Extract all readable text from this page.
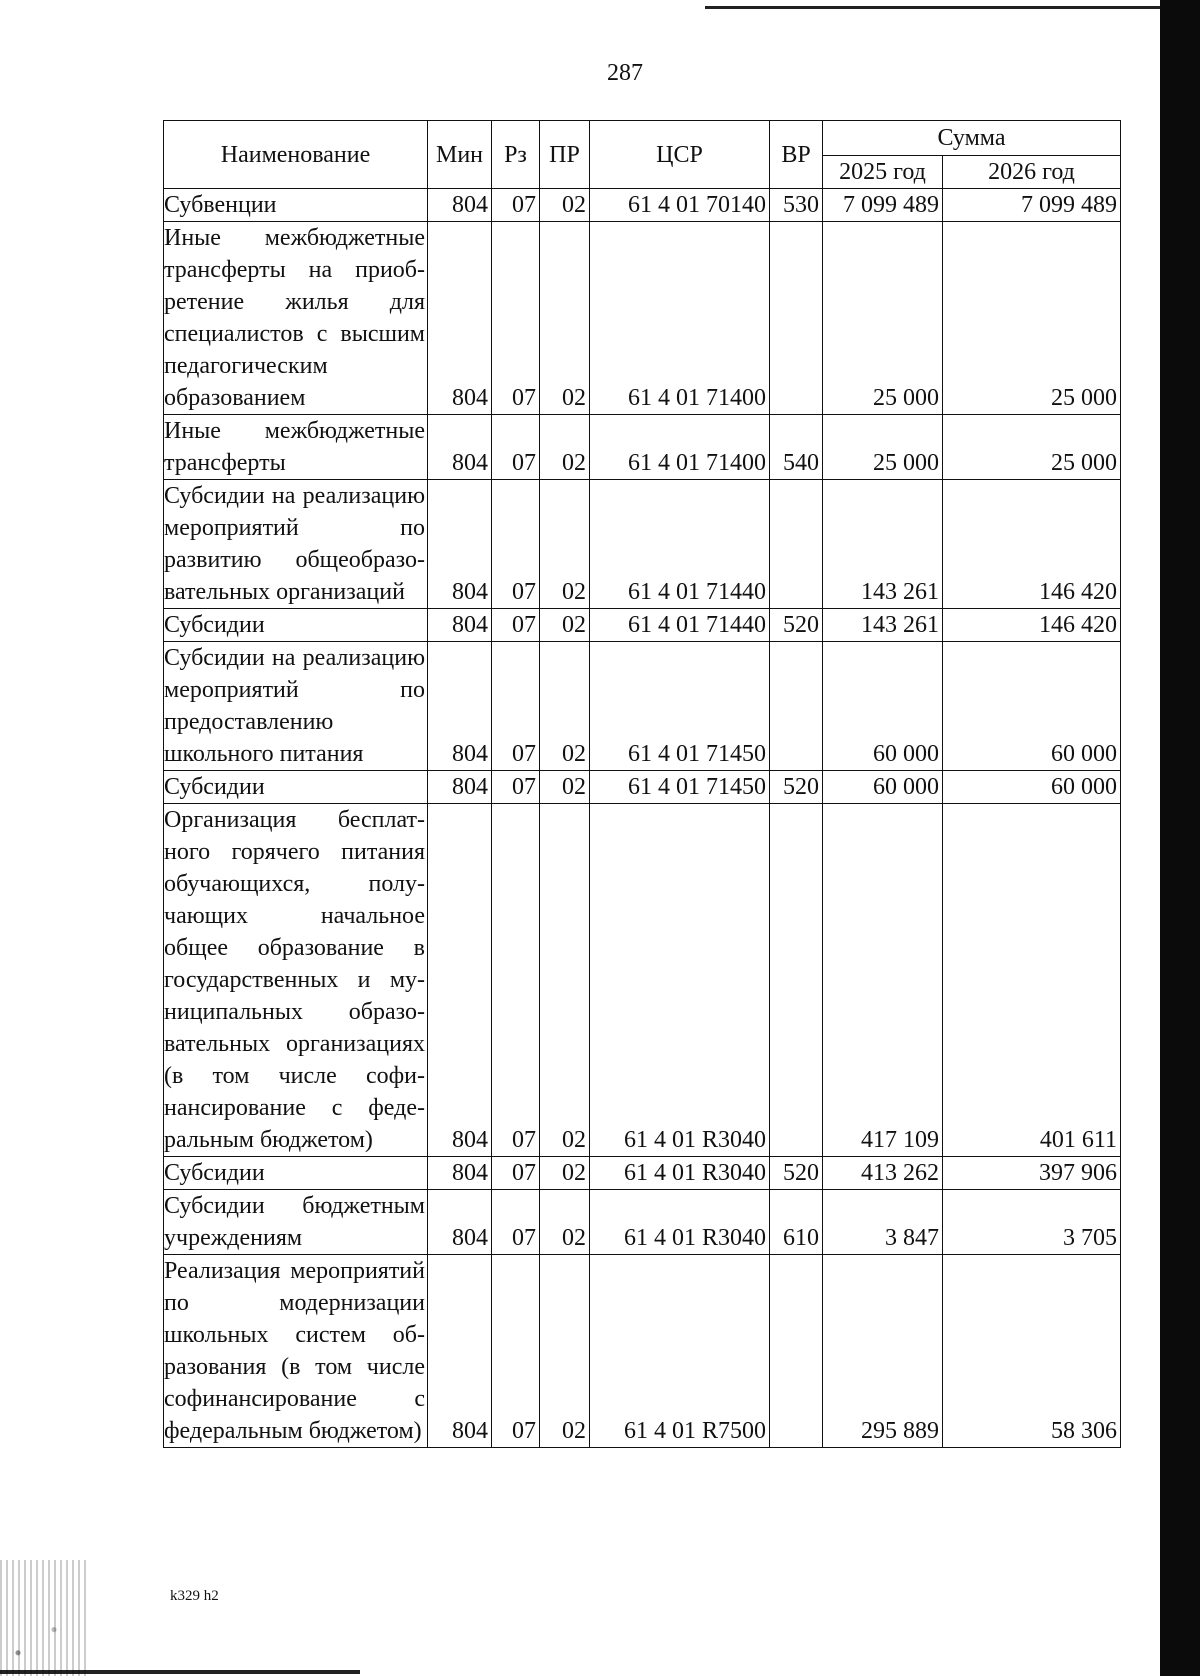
287
Наименование	Мин	Рз	ПР	ЦСР	ВР	Сумма	
						2025 год	2026 год
Субвенции	804	07	02	61 4 01 70140	530	7 099 489	7 099 489
Иные межбюджетные трансферты на приобретение жилья для специалистов с высшим педагогическим образованием	804	07	02	61 4 01 71400		25 000	25 000
Иные межбюджетные трансферты	804	07	02	61 4 01 71400	540	25 000	25 000
Субсидии на реализацию мероприятий по развитию общеобразовательных организаций	804	07	02	61 4 01 71440		143 261	146 420
Субсидии	804	07	02	61 4 01 71440	520	143 261	146 420
Субсидии на реализацию мероприятий по предоставлению школьного питания	804	07	02	61 4 01 71450		60 000	60 000
Субсидии	804	07	02	61 4 01 71450	520	60 000	60 000
Организация бесплатного горячего питания обучающихся, получающих начальное общее образование в государственных и муниципальных образовательных организациях (в том числе софинансирование с федеральным бюджетом)	804	07	02	61 4 01 R3040		417 109	401 611
Субсидии	804	07	02	61 4 01 R3040	520	413 262	397 906
Субсидии бюджетным учреждениям	804	07	02	61 4 01 R3040	610	3 847	3 705
Реализация мероприятий по модернизации школьных систем образования (в том числе софинансирование с федеральным бюджетом)	804	07	02	61 4 01 R7500		295 889	58 306
k329 h2
